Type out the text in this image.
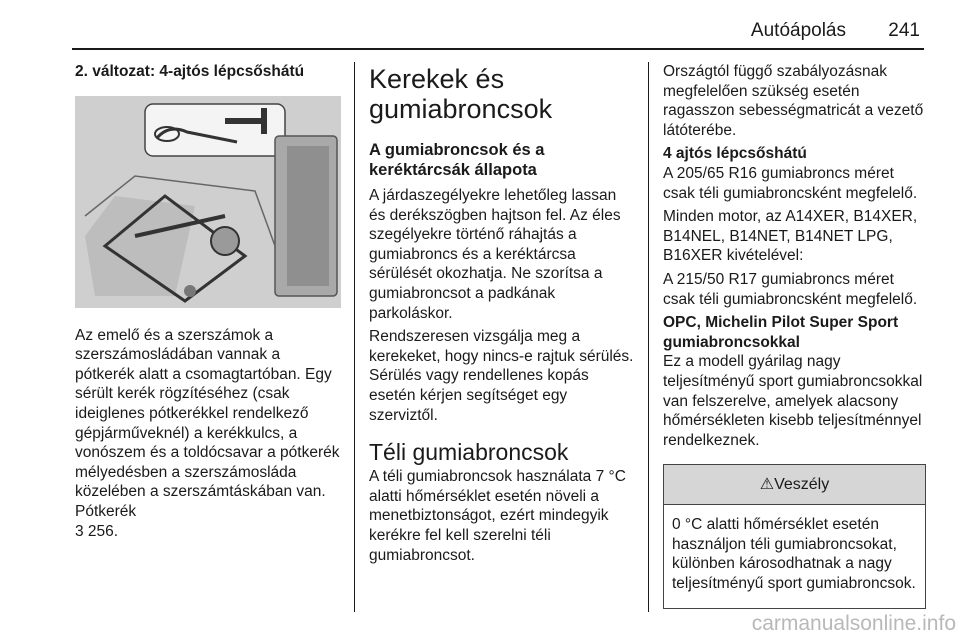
Autóápolás 241
2. változat: 4-ajtós lépcsőshátú

Az emelő és a szerszámok a szerszámosládában vannak a pótkerék alatt a csomagtartóban. Egy sérült kerék rögzítéséhez (csak ideiglenes pótkerékkel rendelkező gépjárműveknél) a kerékkulcs, a vonószem és a toldócsavar a pótkerék mélyedésben a szerszámosláda közelében a szerszámtáskában van. Pótkerék

3 256.
Kerekek és gumiabroncsok
A gumiabroncsok és a keréktárcsák állapota

A járdaszegélyekre lehetőleg lassan és derékszögben hajtson fel. Az éles szegélyekre történő ráhajtás a gumiabroncs és a keréktárcsa sérülését okozhatja. Ne szorítsa a gumiabroncsot a padkának parkoláskor.

Rendszeresen vizsgálja meg a kerekeket, hogy nincs-e rajtuk sérülés. Sérülés vagy rendellenes kopás esetén kérjen segítséget egy szerviztől.

Téli gumiabroncsok

A téli gumiabroncsok használata 7 °C alatti hőmérséklet esetén növeli a menetbiztonságot, ezért mindegyik kerékre fel kell szerelni téli gumiabroncsot.

Országtól függő szabályozásnak megfelelően szükség esetén ragasszon sebességmatricát a vezető látóterébe.

4 ajtós lépcsőshátú

A 205/65 R16 gumiabroncs méret csak téli gumiabroncsként megfelelő.

Minden motor, az A14XER, B14XER, B14NEL, B14NET, B14NET LPG, B16XER kivételével:

A 215/50 R17 gumiabroncs méret csak téli gumiabroncsként megfelelő.

OPC, Michelin Pilot Super Sport gumiabroncsokkal

Ez a modell gyárilag nagy teljesítményű sport gumiabroncsokkal van felszerelve, amelyek alacsony hőmérsékleten kisebb teljesítménnyel rendelkeznek.

⚠Veszély
0 °C alatti hőmérséklet esetén használjon téli gumiabroncsokat, különben károsodhatnak a nagy teljesítményű sport gumiabroncsok.
carmanualsonline.info
